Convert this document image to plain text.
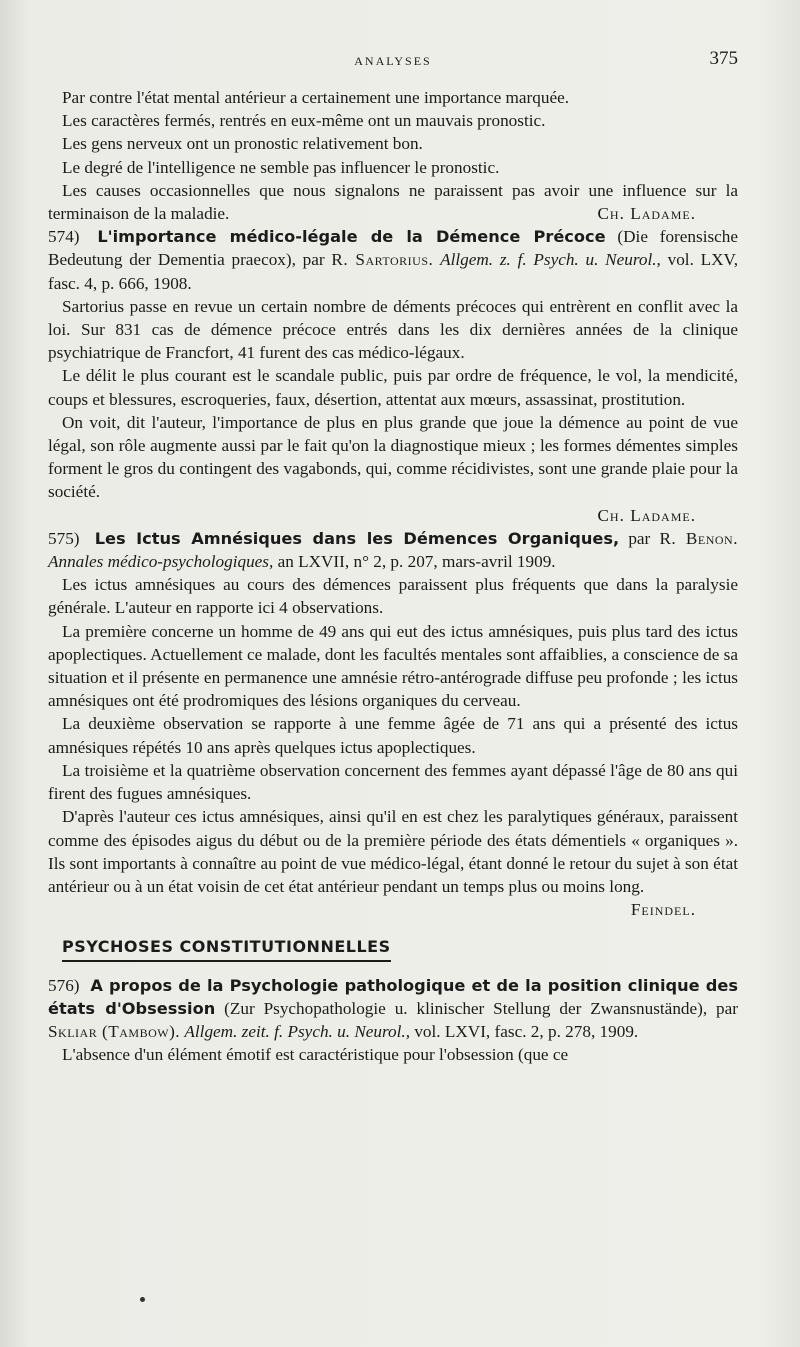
ANALYSES	375

Par contre l'état mental antérieur a certainement une importance marquée.

Les caractères fermés, rentrés en eux-même ont un mauvais pronostic.

Les gens nerveux ont un pronostic relativement bon.

Le degré de l'intelligence ne semble pas influencer le pronostic.

Les causes occasionnelles que nous signalons ne paraissent pas avoir une influence sur la terminaison de la maladie.	Ch. Ladame.

574) L'importance médico-légale de la Démence Précoce (Die forensische Bedeutung der Dementia praecox), par R. Sartorius. Allgem. z. f. Psych. u. Neurol., vol. LXV, fasc. 4, p. 666, 1908.

Sartorius passe en revue un certain nombre de déments précoces qui entrèrent en conflit avec la loi. Sur 831 cas de démence précoce entrés dans les dix dernières années de la clinique psychiatrique de Francfort, 41 furent des cas médico-légaux.

Le délit le plus courant est le scandale public, puis par ordre de fréquence, le vol, la mendicité, coups et blessures, escroqueries, faux, désertion, attentat aux mœurs, assassinat, prostitution.

On voit, dit l'auteur, l'importance de plus en plus grande que joue la démence au point de vue légal, son rôle augmente aussi par le fait qu'on la diagnostique mieux ; les formes démentes simples forment le gros du contingent des vagabonds, qui, comme récidivistes, sont une grande plaie pour la société.

Ch. Ladame.

575) Les Ictus Amnésiques dans les Démences Organiques, par R. Benon. Annales médico-psychologiques, an LXVII, n° 2, p. 207, mars-avril 1909.

Les ictus amnésiques au cours des démences paraissent plus fréquents que dans la paralysie générale. L'auteur en rapporte ici 4 observations.

La première concerne un homme de 49 ans qui eut des ictus amnésiques, puis plus tard des ictus apoplectiques. Actuellement ce malade, dont les facultés mentales sont affaiblies, a conscience de sa situation et il présente en permanence une amnésie rétro-antérograde diffuse peu profonde ; les ictus amnésiques ont été prodromiques des lésions organiques du cerveau.

La deuxième observation se rapporte à une femme âgée de 71 ans qui a présenté des ictus amnésiques répétés 10 ans après quelques ictus apoplectiques.

La troisième et la quatrième observation concernent des femmes ayant dépassé l'âge de 80 ans qui firent des fugues amnésiques.

D'après l'auteur ces ictus amnésiques, ainsi qu'il en est chez les paralytiques généraux, paraissent comme des épisodes aigus du début ou de la première période des états démentiels « organiques ». Ils sont importants à connaître au point de vue médico-légal, étant donné le retour du sujet à son état antérieur ou à un état voisin de cet état antérieur pendant un temps plus ou moins long.

Feindel.

PSYCHOSES CONSTITUTIONNELLES

576) A propos de la Psychologie pathologique et de la position clinique des états d'Obsession (Zur Psychopathologie u. klinischer Stellung der Zwansnustände), par Skliar (Tambow). Allgem. zeit. f. Psych. u. Neurol., vol. LXVI, fasc. 2, p. 278, 1909.

L'absence d'un élément émotif est caractéristique pour l'obsession (que ce
